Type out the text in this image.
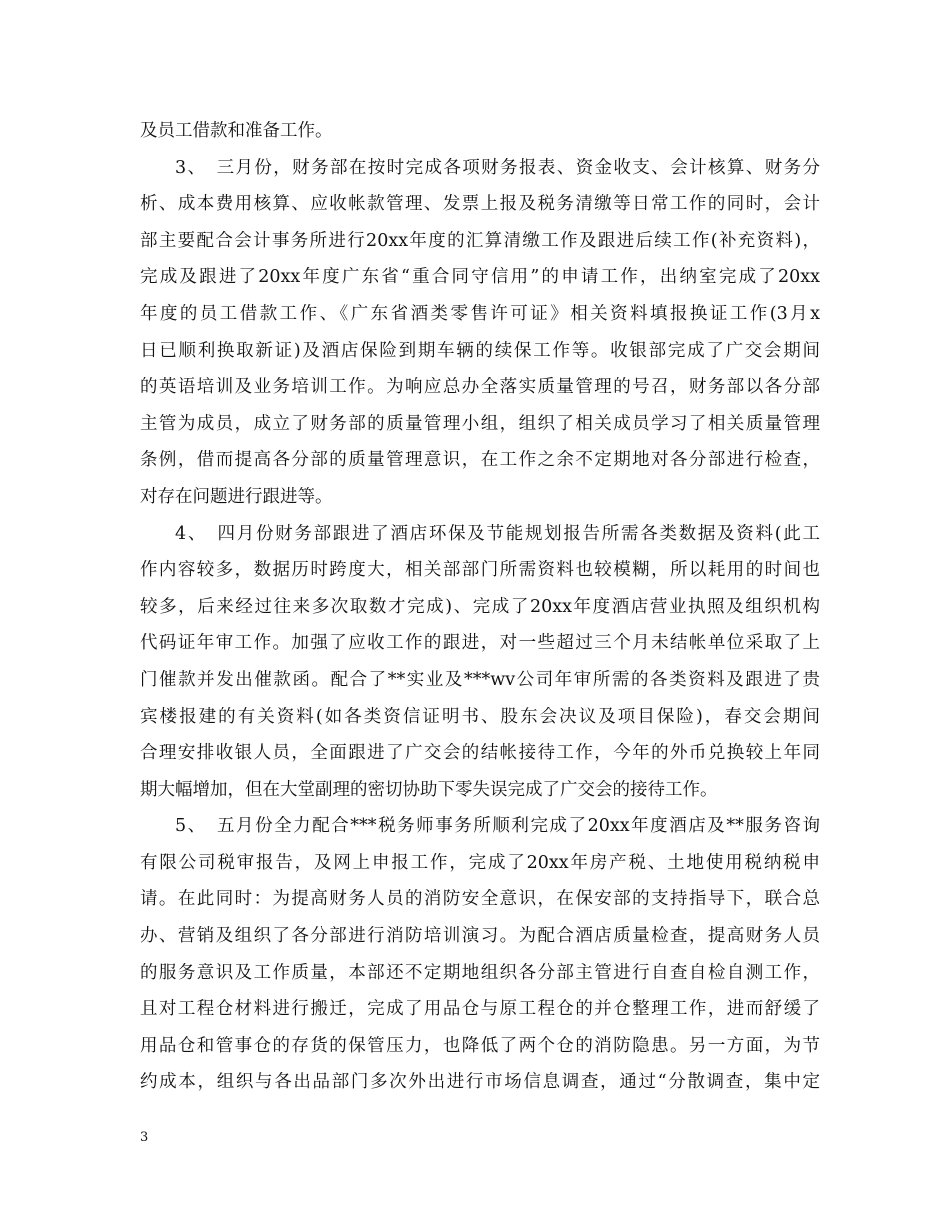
及员工借款和准备工作。
3、　三月份，财务部在按时完成各项财务报表、资金收支、会计核算、财务分
析、成本费用核算、应收帐款管理、发票上报及税务清缴等日常工作的同时，会计
部主要配合会计事务所进行20xx年度的汇算清缴工作及跟进后续工作(补充资料)，
完成及跟进了20xx年度广东省“重合同守信用”的申请工作，出纳室完成了20xx
年度的员工借款工作、《广东省酒类零售许可证》相关资料填报换证工作(3月x
日已顺利换取新证)及酒店保险到期车辆的续保工作等。收银部完成了广交会期间
的英语培训及业务培训工作。为响应总办全落实质量管理的号召，财务部以各分部
主管为成员，成立了财务部的质量管理小组，组织了相关成员学习了相关质量管理
条例，借而提高各分部的质量管理意识，在工作之余不定期地对各分部进行检查，
对存在问题进行跟进等。
4、　四月份财务部跟进了酒店环保及节能规划报告所需各类数据及资料(此工
作内容较多，数据历时跨度大，相关部部门所需资料也较模糊，所以耗用的时间也
较多，后来经过往来多次取数才完成)、完成了20xx年度酒店营业执照及组织机构
代码证年审工作。加强了应收工作的跟进，对一些超过三个月未结帐单位采取了上
门催款并发出催款函。配合了**实业及***wv公司年审所需的各类资料及跟进了贵
宾楼报建的有关资料(如各类资信证明书、股东会决议及项目保险)，春交会期间
合理安排收银人员，全面跟进了广交会的结帐接待工作，今年的外币兑换较上年同
期大幅增加，但在大堂副理的密切协助下零失误完成了广交会的接待工作。
5、　五月份全力配合***税务师事务所顺利完成了20xx年度酒店及**服务咨询
有限公司税审报告，及网上申报工作，完成了20xx年房产税、土地使用税纳税申
请。在此同时：为提高财务人员的消防安全意识，在保安部的支持指导下，联合总
办、营销及组织了各分部进行消防培训演习。为配合酒店质量检查，提高财务人员
的服务意识及工作质量，本部还不定期地组织各分部主管进行自查自检自测工作，
且对工程仓材料进行搬迁，完成了用品仓与原工程仓的并仓整理工作，进而舒缓了
用品仓和管事仓的存货的保管压力，也降低了两个仓的消防隐患。另一方面，为节
约成本，组织与各出品部门多次外出进行市场信息调查，通过“分散调查，集中定
3
